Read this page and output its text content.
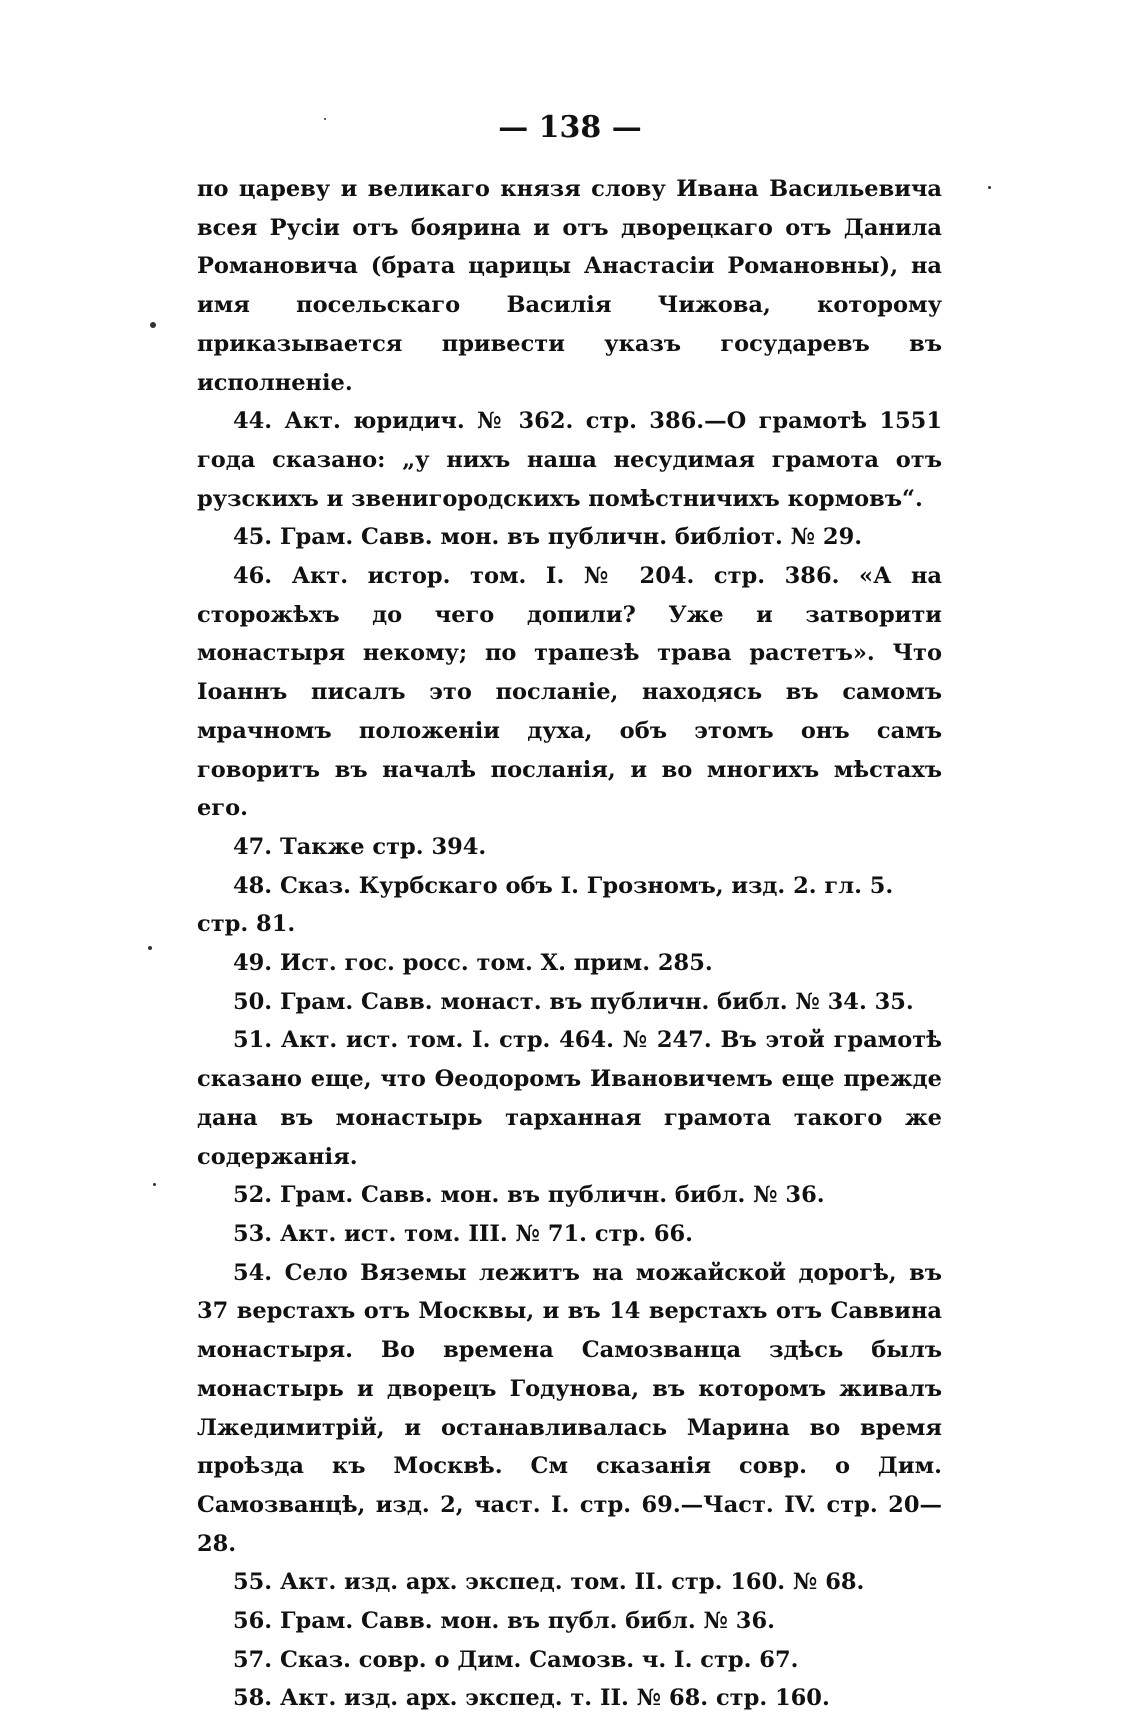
— 138 —

по цареву и великаго князя слову Ивана Васильевича всея Русіи отъ боярина и отъ дворецкаго отъ Данила Романовича (брата царицы Анастасіи Романовны), на имя посельскаго Василія Чижова, которому приказывается привести указъ государевъ въ исполненіе.

44. Акт. юридич. № 362. стр. 386.—О грамотѣ 1551 года сказано: „у нихъ наша несудимая грамота отъ рузскихъ и звенигородскихъ помѣстничихъ кормовъ“.

45. Грам. Савв. мон. въ публичн. библіот. № 29.

46. Акт. истор. том. I. № 204. стр. 386. «А на сторожѣхъ до чего допили? Уже и затворити монастыря некому; по трапезѣ трава растетъ». Что Іоаннъ писалъ это посланіе, находясь въ самомъ мрачномъ положеніи духа, объ этомъ онъ самъ говоритъ въ началѣ посланія, и во многихъ мѣстахъ его.

47. Также стр. 394.

48. Сказ. Курбскаго объ I. Грозномъ, изд. 2. гл. 5. стр. 81.

49. Ист. гос. росс. том. X. прим. 285.

50. Грам. Савв. монаст. въ публичн. библ. № 34. 35.

51. Акт. ист. том. I. стр. 464. № 247. Въ этой грамотѣ сказано еще, что Ѳеодоромъ Ивановичемъ еще прежде дана въ монастырь тарханная грамота такого же содержанія.

52. Грам. Савв. мон. въ публичн. библ. № 36.

53. Акт. ист. том. III. № 71. стр. 66.

54. Село Вяземы лежитъ на можайской дорогѣ, въ 37 верстахъ отъ Москвы, и въ 14 верстахъ отъ Саввина монастыря. Во времена Самозванца здѣсь былъ монастырь и дворецъ Годунова, въ которомъ живалъ Лжедимитрій, и останавливалась Марина во время проѣзда къ Москвѣ. См сказанія совр. о Дим. Самозванцѣ, изд. 2, част. I. стр. 69.—Част. IV. стр. 20—28.

55. Акт. изд. арх. экспед. том. II. стр. 160. № 68.

56. Грам. Савв. мон. въ публ. библ. № 36.

57. Сказ. совр. о Дим. Самозв. ч. I. стр. 67.

58. Акт. изд. арх. экспед. т. II. № 68. стр. 160.
